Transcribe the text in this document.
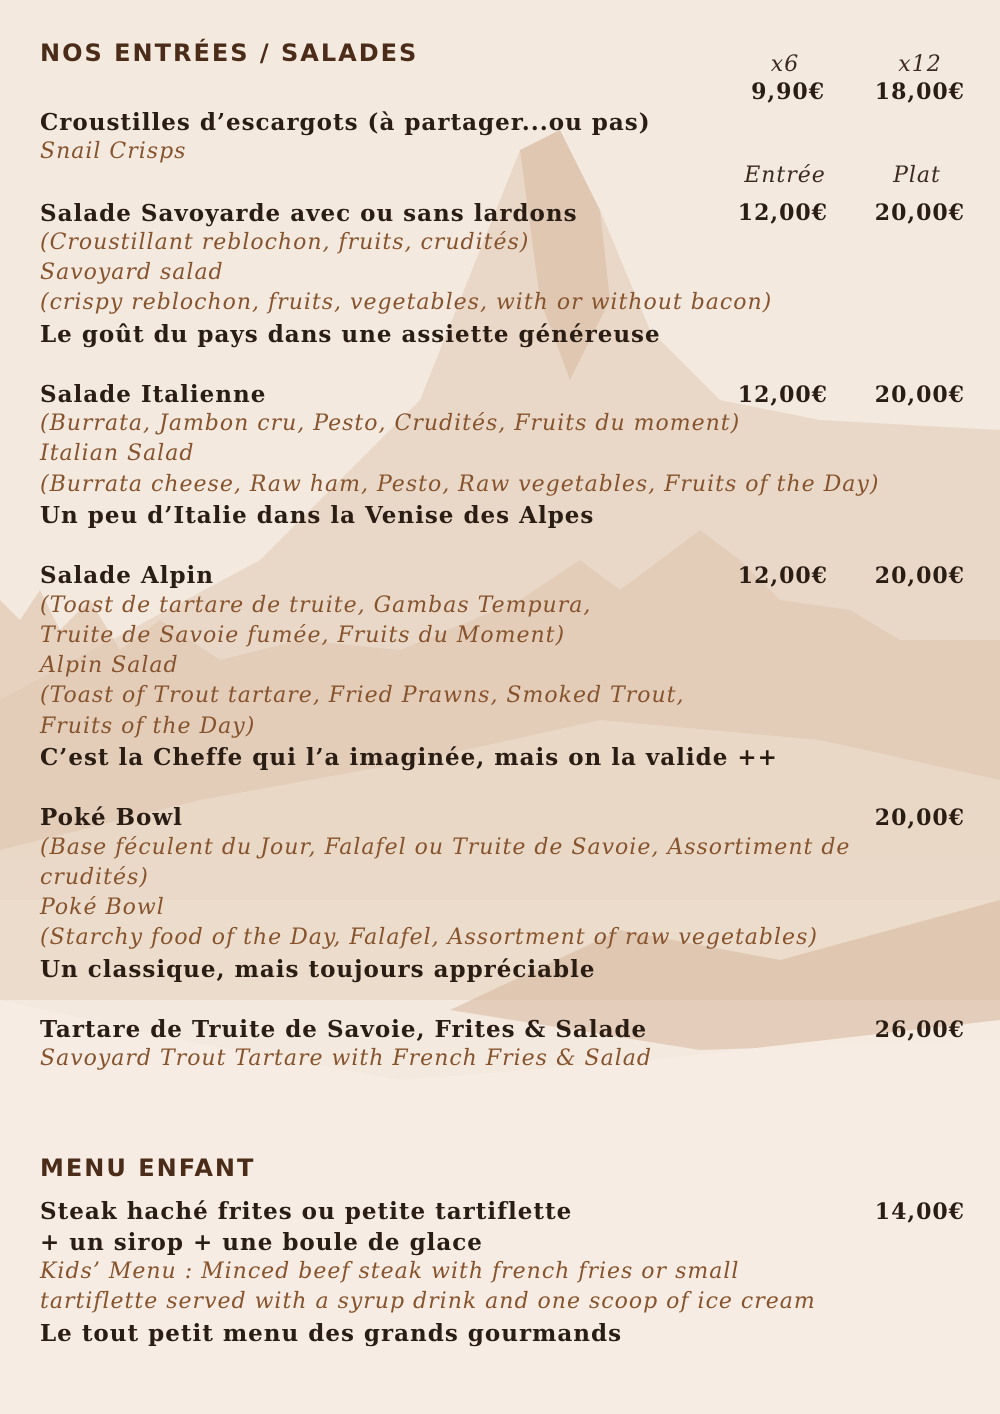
NOS ENTRÉES / SALADES	x6	x12
9,90€	18,00€
Croustilles d’escargots (à partager...ou pas)
Snail Crisps
Entrée	Plat
Salade Savoyarde avec ou sans lardons	12,00€	20,00€
(Croustillant reblochon, fruits, crudités)
Savoyard salad
(crispy reblochon, fruits, vegetables, with or without bacon)
Le goût du pays dans une assiette généreuse
Salade Italienne	12,00€	20,00€
(Burrata, Jambon cru, Pesto, Crudités, Fruits du moment)
Italian Salad
(Burrata cheese, Raw ham, Pesto, Raw vegetables, Fruits of the Day)
Un peu d’Italie dans la Venise des Alpes
Salade Alpin	12,00€	20,00€
(Toast de tartare de truite, Gambas Tempura,
Truite de Savoie fumée, Fruits du Moment)
Alpin Salad
(Toast of Trout tartare, Fried Prawns, Smoked Trout,
Fruits of the Day)
C’est la Cheffe qui l’a imaginée, mais on la valide ++
Poké Bowl	20,00€
(Base féculent du Jour, Falafel ou Truite de Savoie, Assortiment de
crudités)
Poké Bowl
(Starchy food of the Day, Falafel, Assortment of raw vegetables)
Un classique, mais toujours appréciable
Tartare de Truite de Savoie, Frites & Salade	26,00€
Savoyard Trout Tartare with French Fries & Salad
MENU ENFANT
Steak haché frites ou petite tartiflette	14,00€
+ un sirop + une boule de glace
Kids’ Menu : Minced beef steak with french fries or small
tartiflette served with a syrup drink and one scoop of ice cream
Le tout petit menu des grands gourmands
